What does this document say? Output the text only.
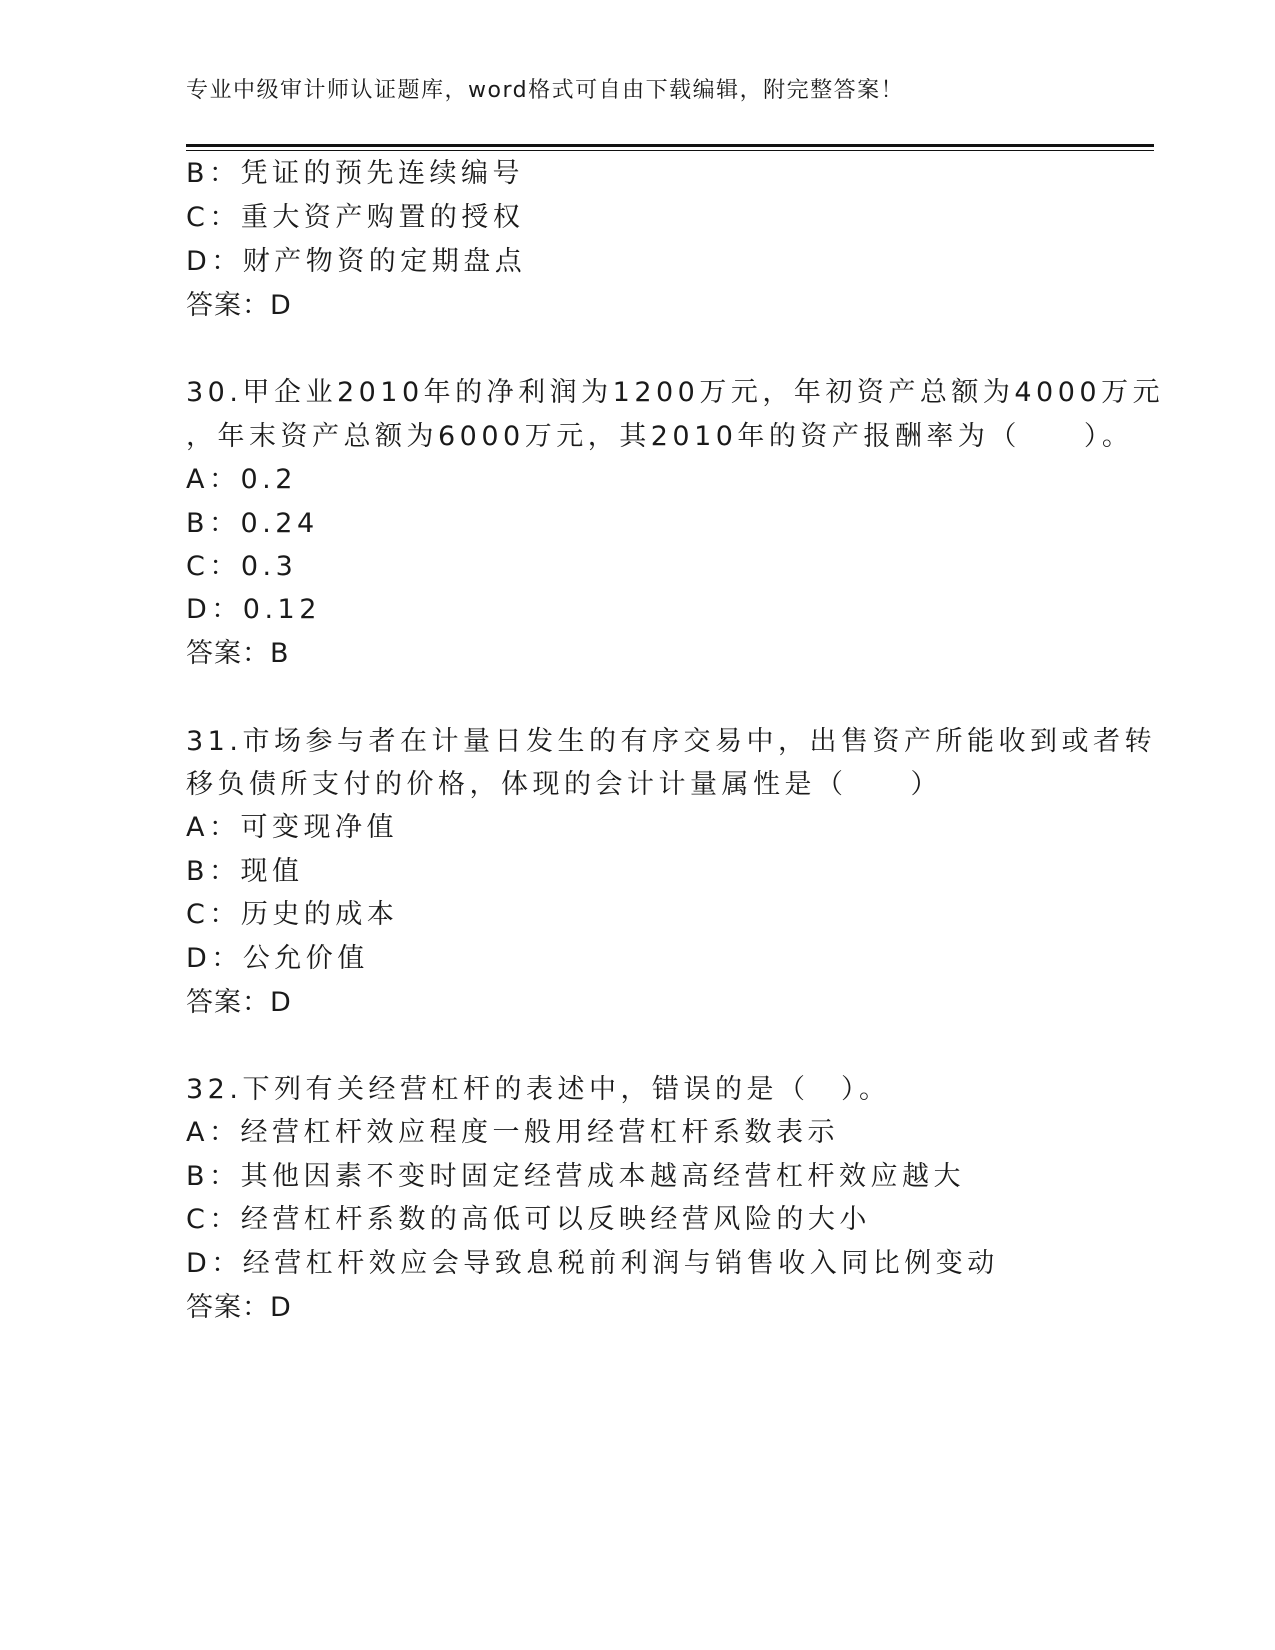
专业中级审计师认证题库，word格式可自由下载编辑，附完整答案！
B：凭证的预先连续编号
C：重大资产购置的授权
D：财产物资的定期盘点
答案：D
30.甲企业2010年的净利润为1200万元，年初资产总额为4000万元
，年末资产总额为6000万元，其2010年的资产报酬率为（　　）。
A：0.2
B：0.24
C：0.3
D：0.12
答案：B
31.市场参与者在计量日发生的有序交易中，出售资产所能收到或者转
移负债所支付的价格，体现的会计计量属性是（　　）
A：可变现净值
B：现值
C：历史的成本
D：公允价值
答案：D
32.下列有关经营杠杆的表述中，错误的是（　）。
A：经营杠杆效应程度一般用经营杠杆系数表示
B：其他因素不变时固定经营成本越高经营杠杆效应越大
C：经营杠杆系数的高低可以反映经营风险的大小
D：经营杠杆效应会导致息税前利润与销售收入同比例变动
答案：D
